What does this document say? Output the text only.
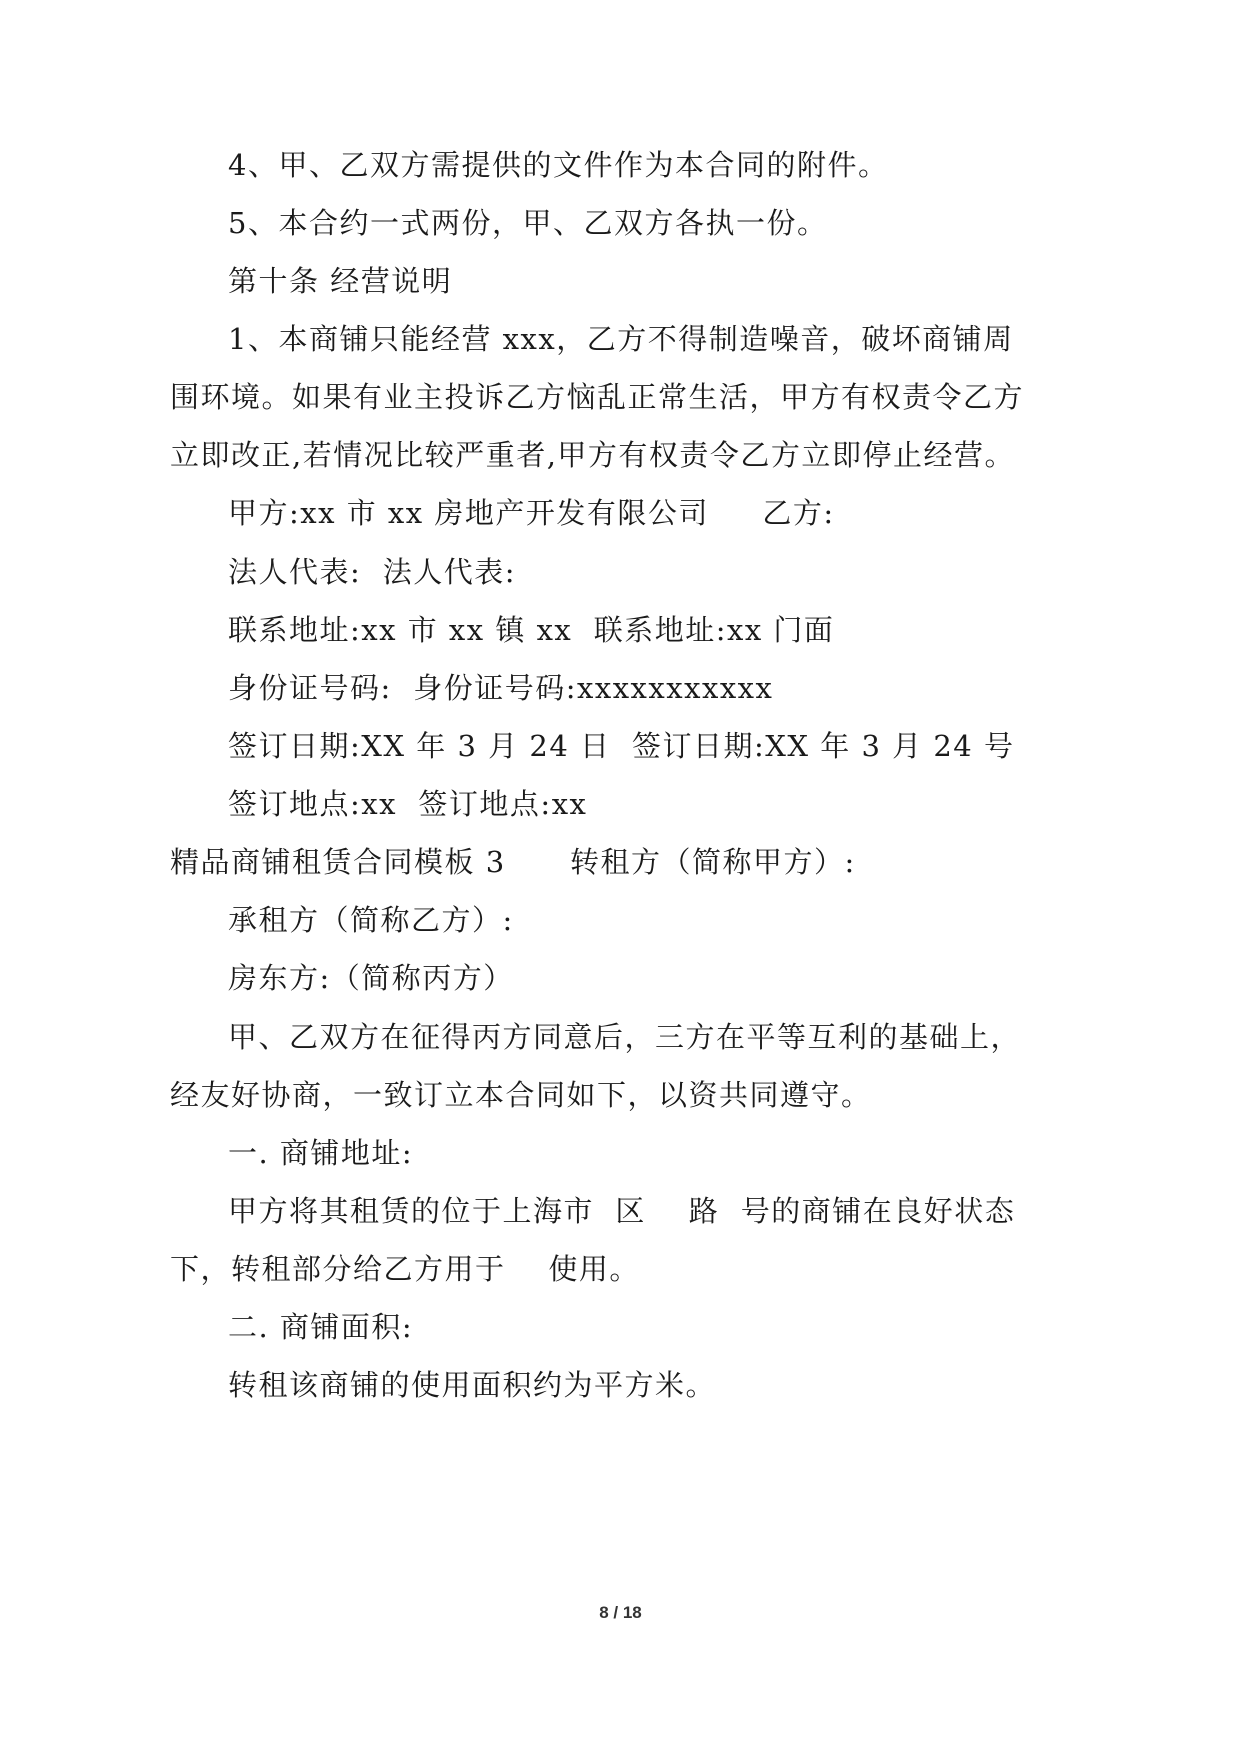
4、甲、乙双方需提供的文件作为本合同的附件。
5、本合约一式两份，甲、乙双方各执一份。
第十条 经营说明
1、本商铺只能经营 xxx，乙方不得制造噪音，破坏商铺周
围环境。如果有业主投诉乙方恼乱正常生活，甲方有权责令乙方
立即改正,若情况比较严重者,甲方有权责令乙方立即停止经营。
甲方:xx 市 xx 房地产开发有限公司     乙方:
法人代表:  法人代表:
联系地址:xx 市 xx 镇 xx  联系地址:xx 门面
身份证号码:  身份证号码:xxxxxxxxxxx
签订日期:XX 年 3 月 24 日  签订日期:XX 年 3 月 24 号
签订地点:xx  签订地点:xx
精品商铺租赁合同模板 3      转租方（简称甲方）:
承租方（简称乙方）:
房东方:（简称丙方）
甲、乙双方在征得丙方同意后，三方在平等互利的基础上，
经友好协商，一致订立本合同如下，以资共同遵守。
一. 商铺地址:
甲方将其租赁的位于上海市  区    路  号的商铺在良好状态
下，转租部分给乙方用于    使用。
二. 商铺面积:
转租该商铺的使用面积约为平方米。
8 / 18
